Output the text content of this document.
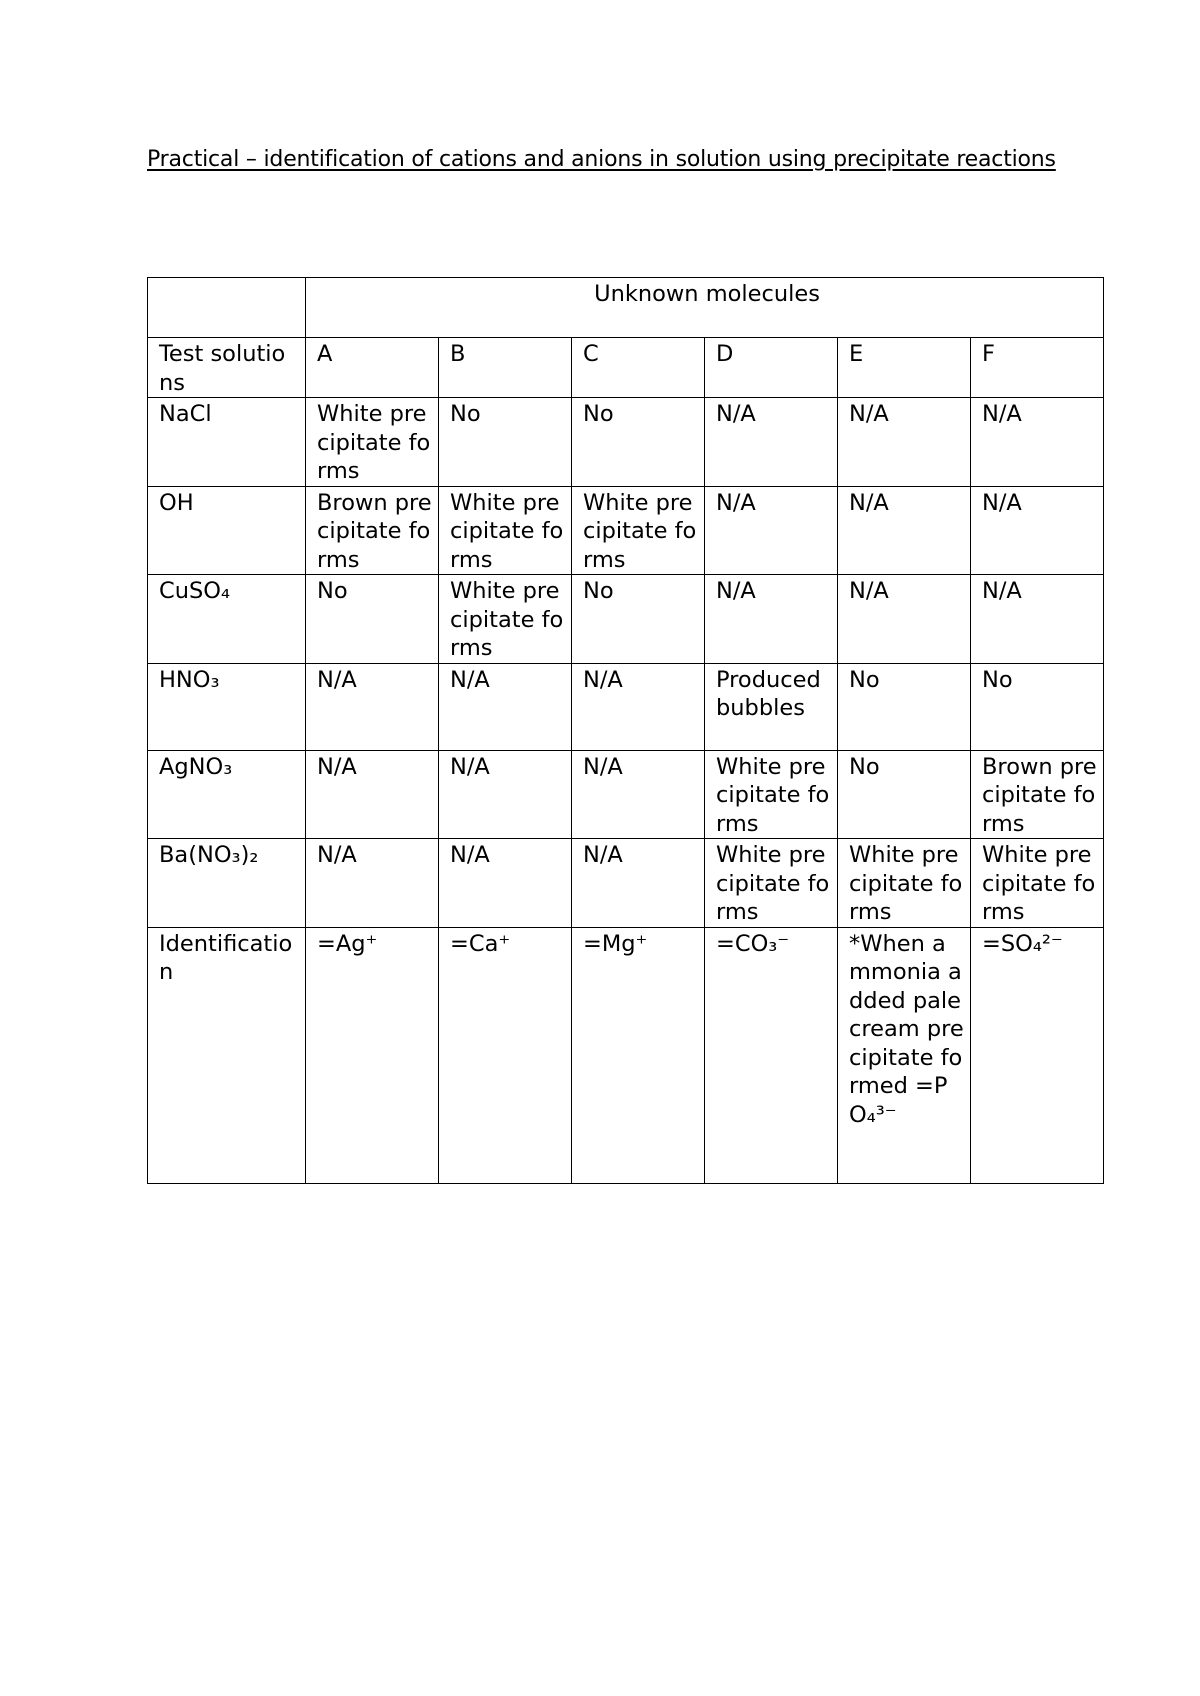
Practical – identification of cations and anions in solution using precipitate reactions
	Unknown molecules					
Test solutions	A	B	C	D	E	F
NaCl	White precipitate forms	No	No	N/A	N/A	N/A
OH	Brown precipitate forms	White precipitate forms	White precipitate forms	N/A	N/A	N/A
CuSO₄	No	White precipitate forms	No	N/A	N/A	N/A
HNO₃	N/A	N/A	N/A	Produced bubbles	No	No
AgNO₃	N/A	N/A	N/A	White precipitate forms	No	Brown precipitate forms
Ba(NO₃)₂	N/A	N/A	N/A	White precipitate forms	White precipitate forms	White precipitate forms
Identification	=Ag⁺	=Ca⁺	=Mg⁺	=CO₃⁻	*When ammonia added pale cream precipitate formed =PO₄³⁻	=SO₄²⁻
